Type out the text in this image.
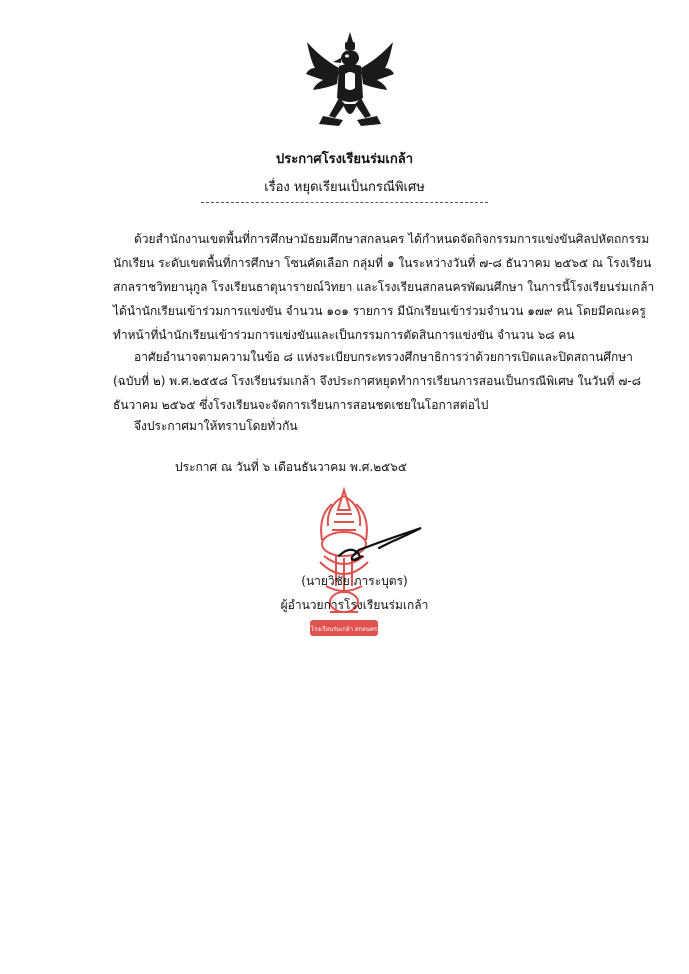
ประกาศโรงเรียนร่มเกล้า
เรื่อง หยุดเรียนเป็นกรณีพิเศษ
ด้วยสำนักงานเขตพื้นที่การศึกษามัธยมศึกษาสกลนคร ได้กำหนดจัดกิจกรรมการแข่งขันศิลปหัตถกรรม
นักเรียน ระดับเขตพื้นที่การศึกษา โซนคัดเลือก กลุ่มที่ ๑ ในระหว่างวันที่ ๗-๘ ธันวาคม ๒๕๖๕ ณ โรงเรียน
สกลราชวิทยานุกูล โรงเรียนธาตุนารายณ์วิทยา และโรงเรียนสกลนครพัฒนศึกษา ในการนี้โรงเรียนร่มเกล้า
ได้นำนักเรียนเข้าร่วมการแข่งขัน จำนวน ๑๐๑ รายการ มีนักเรียนเข้าร่วมจำนวน ๑๗๙ คน โดยมีคณะครู
ทำหน้าที่นำนักเรียนเข้าร่วมการแข่งขันและเป็นกรรมการตัดสินการแข่งขัน จำนวน ๖๘ คน
อาศัยอำนาจตามความในข้อ ๘ แห่งระเบียบกระทรวงศึกษาธิการว่าด้วยการเปิดและปิดสถานศึกษา
(ฉบับที่ ๒) พ.ศ.๒๕๕๘ โรงเรียนร่มเกล้า จึงประกาศหยุดทำการเรียนการสอนเป็นกรณีพิเศษ ในวันที่ ๗-๘
ธันวาคม ๒๕๖๕ ซึ่งโรงเรียนจะจัดการเรียนการสอนชดเชยในโอกาสต่อไป
จึงประกาศมาให้ทราบโดยทั่วกัน
ประกาศ ณ วันที่ ๖ เดือนธันวาคม พ.ศ.๒๕๖๕
โรงเรียนร่มเกล้า สกลนคร
(นายวิชัย ภาระบุตร)
ผู้อำนวยการโรงเรียนร่มเกล้า
